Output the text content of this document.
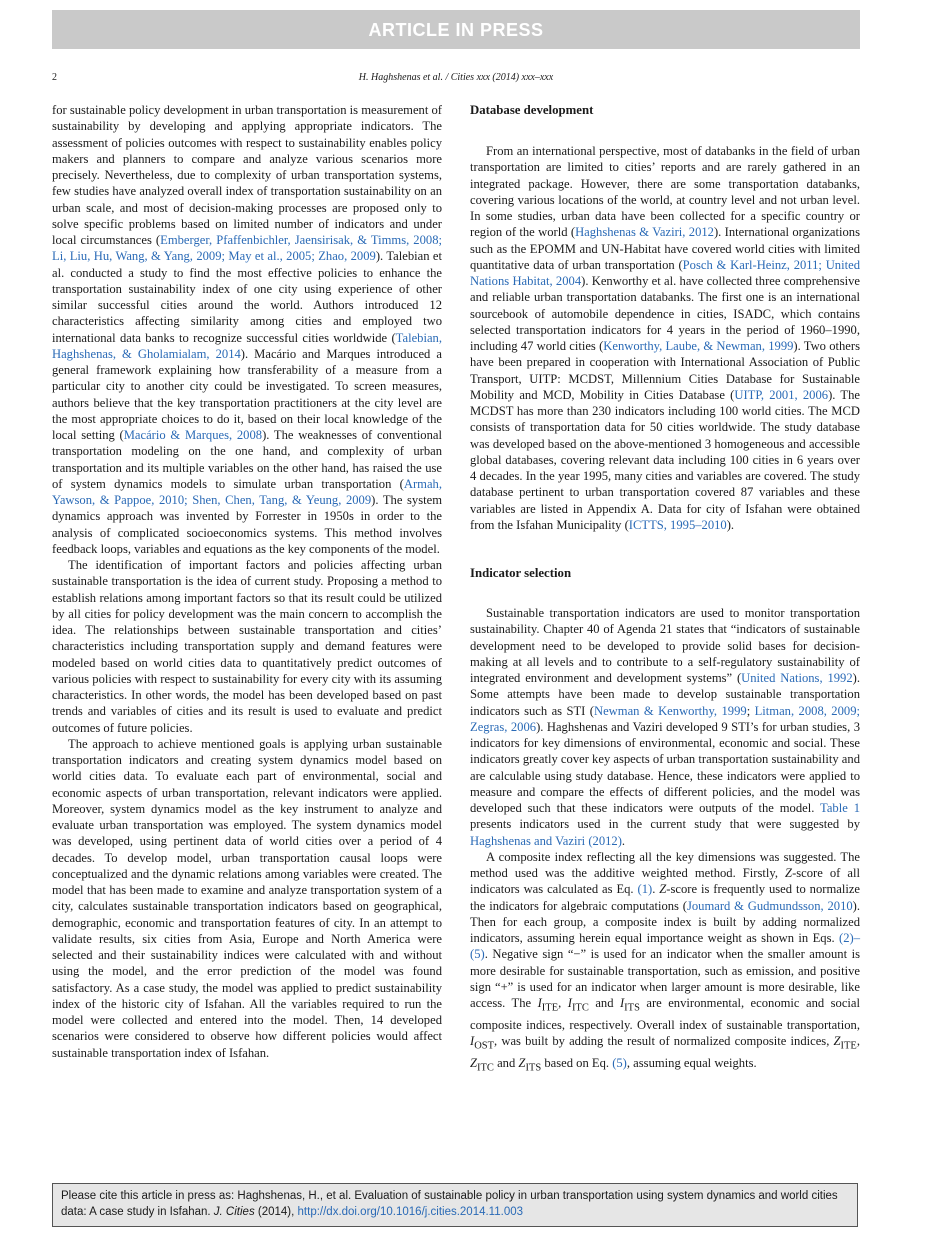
ARTICLE IN PRESS
2	H. Haghshenas et al. / Cities xxx (2014) xxx–xxx

for sustainable policy development in urban transportation is measurement of sustainability by developing and applying appropriate indicators. The assessment of policies outcomes with respect to sustainability enables policy makers and planners to compare and analyze various scenarios more precisely. Nevertheless, due to complexity of urban transportation systems, few studies have analyzed overall index of transportation sustainability on an urban scale, and most of decision-making processes are proposed only to solve specific problems based on limited number of indicators and under local circumstances (Emberger, Pfaffenbichler, Jaensirisak, & Timms, 2008; Li, Liu, Hu, Wang, & Yang, 2009; May et al., 2005; Zhao, 2009). Talebian et al. conducted a study to find the most effective policies to enhance the transportation sustainability index of one city using experience of other similar successful cities around the world. Authors introduced 12 characteristics affecting similarity among cities and employed two international data banks to recognize successful cities worldwide (Talebian, Haghshenas, & Gholamialam, 2014). Macário and Marques introduced a general framework explaining how transferability of a measure from a particular city to another city could be investigated. To screen measures, authors believe that the key transportation practitioners at the city level are the most appropriate choices to do it, based on their local knowledge of the local setting (Macário & Marques, 2008). The weaknesses of conventional transportation modeling on the one hand, and complexity of urban transportation and its multiple variables on the other hand, has raised the use of system dynamics models to simulate urban transportation (Armah, Yawson, & Pappoe, 2010; Shen, Chen, Tang, & Yeung, 2009). The system dynamics approach was invented by Forrester in 1950s in order to the analysis of complicated socioeconomics systems. This method involves feedback loops, variables and equations as the key components of the model.

The identification of important factors and policies affecting urban sustainable transportation is the idea of current study. Proposing a method to establish relations among important factors so that its result could be utilized by all cities for policy development was the main concern to accomplish the idea. The relationships between sustainable transportation and cities’ characteristics including transportation supply and demand features were modeled based on world cities data to quantitatively predict outcomes of various policies with respect to sustainability for every city with its assuming characteristics. In other words, the model has been developed based on past trends and variables of cities and its result is used to evaluate and predict outcomes of future policies.

The approach to achieve mentioned goals is applying urban sustainable transportation indicators and creating system dynamics model based on world cities data. To evaluate each part of environmental, social and economic aspects of urban transportation, relevant indicators were applied. Moreover, system dynamics model as the key instrument to analyze and evaluate urban transportation was employed. The system dynamics model was developed, using pertinent data of world cities over a period of 4 decades. To develop model, urban transportation causal loops were conceptualized and the dynamic relations among variables were created. The model that has been made to examine and analyze transportation system of a city, calculates sustainable transportation indicators based on geographical, demographic, economic and transportation features of city. In an attempt to validate results, six cities from Asia, Europe and North America were selected and their sustainability indices were calculated with and without using the model, and the error prediction of the model was found satisfactory. As a case study, the model was applied to predict sustainability index of the historic city of Isfahan. All the variables required to run the model were collected and entered into the model. Then, 14 developed scenarios were considered to observe how different policies would affect sustainable transportation index of Isfahan.

Database development

From an international perspective, most of databanks in the field of urban transportation are limited to cities’ reports and are rarely gathered in an integrated package. However, there are some transportation databanks, covering various locations of the world, at country level and not urban level. In some studies, urban data have been collected for a specific country or region of the world (Haghshenas & Vaziri, 2012). International organizations such as the EPOMM and UN-Habitat have covered world cities with limited quantitative data of urban transportation (Posch & Karl-Heinz, 2011; United Nations Habitat, 2004). Kenworthy et al. have collected three comprehensive and reliable urban transportation databanks. The first one is an international sourcebook of automobile dependence in cities, ISADC, which contains selected transportation indicators for 4 years in the period of 1960–1990, including 47 world cities (Kenworthy, Laube, & Newman, 1999). Two others have been prepared in cooperation with International Association of Public Transport, UITP: MCDST, Millennium Cities Database for Sustainable Mobility and MCD, Mobility in Cities Database (UITP, 2001, 2006). The MCDST has more than 230 indicators including 100 world cities. The MCD consists of transportation data for 50 cities worldwide. The study database was developed based on the above-mentioned 3 homogeneous and accessible global databases, covering relevant data including 100 cities in 6 years over 4 decades. In the year 1995, many cities and variables are covered. The study database pertinent to urban transportation covered 87 variables and these variables are listed in Appendix A. Data for city of Isfahan were obtained from the Isfahan Municipality (ICTTS, 1995–2010).

Indicator selection

Sustainable transportation indicators are used to monitor transportation sustainability. Chapter 40 of Agenda 21 states that “indicators of sustainable development need to be developed to provide solid bases for decision-making at all levels and to contribute to a self-regulatory sustainability of integrated environment and development systems” (United Nations, 1992). Some attempts have been made to develop sustainable transportation indicators such as STI (Newman & Kenworthy, 1999; Litman, 2008, 2009; Zegras, 2006). Haghshenas and Vaziri developed 9 STI’s for urban studies, 3 indicators for key dimensions of environmental, economic and social. These indicators greatly cover key aspects of urban transportation sustainability and are calculable using study database. Hence, these indicators were applied to measure and compare the effects of different policies, and the model was developed such that these indicators were outputs of the model. Table 1 presents indicators used in the current study that were suggested by Haghshenas and Vaziri (2012).

A composite index reflecting all the key dimensions was suggested. The method used was the additive weighted method. Firstly, Z-score of all indicators was calculated as Eq. (1). Z-score is frequently used to normalize the indicators for algebraic computations (Joumard & Gudmundsson, 2010). Then for each group, a composite index is built by adding normalized indicators, assuming herein equal importance weight as shown in Eqs. (2)–(5). Negative sign “−” is used for an indicator when the smaller amount is more desirable for sustainable transportation, such as emission, and positive sign “+” is used for an indicator when larger amount is more desirable, like access. The $I_{ITE}$, $I_{ITC}$ and $I_{ITS}$ are environmental, economic and social composite indices, respectively. Overall index of sustainable transportation, $I_{OST}$, was built by adding the result of normalized composite indices, $Z_{ITE}$, $Z_{ITC}$ and $Z_{ITS}$ based on Eq. (5), assuming equal weights.

Please cite this article in press as: Haghshenas, H., et al. Evaluation of sustainable policy in urban transportation using system dynamics and world cities data: A case study in Isfahan. J. Cities (2014), http://dx.doi.org/10.1016/j.cities.2014.11.003
